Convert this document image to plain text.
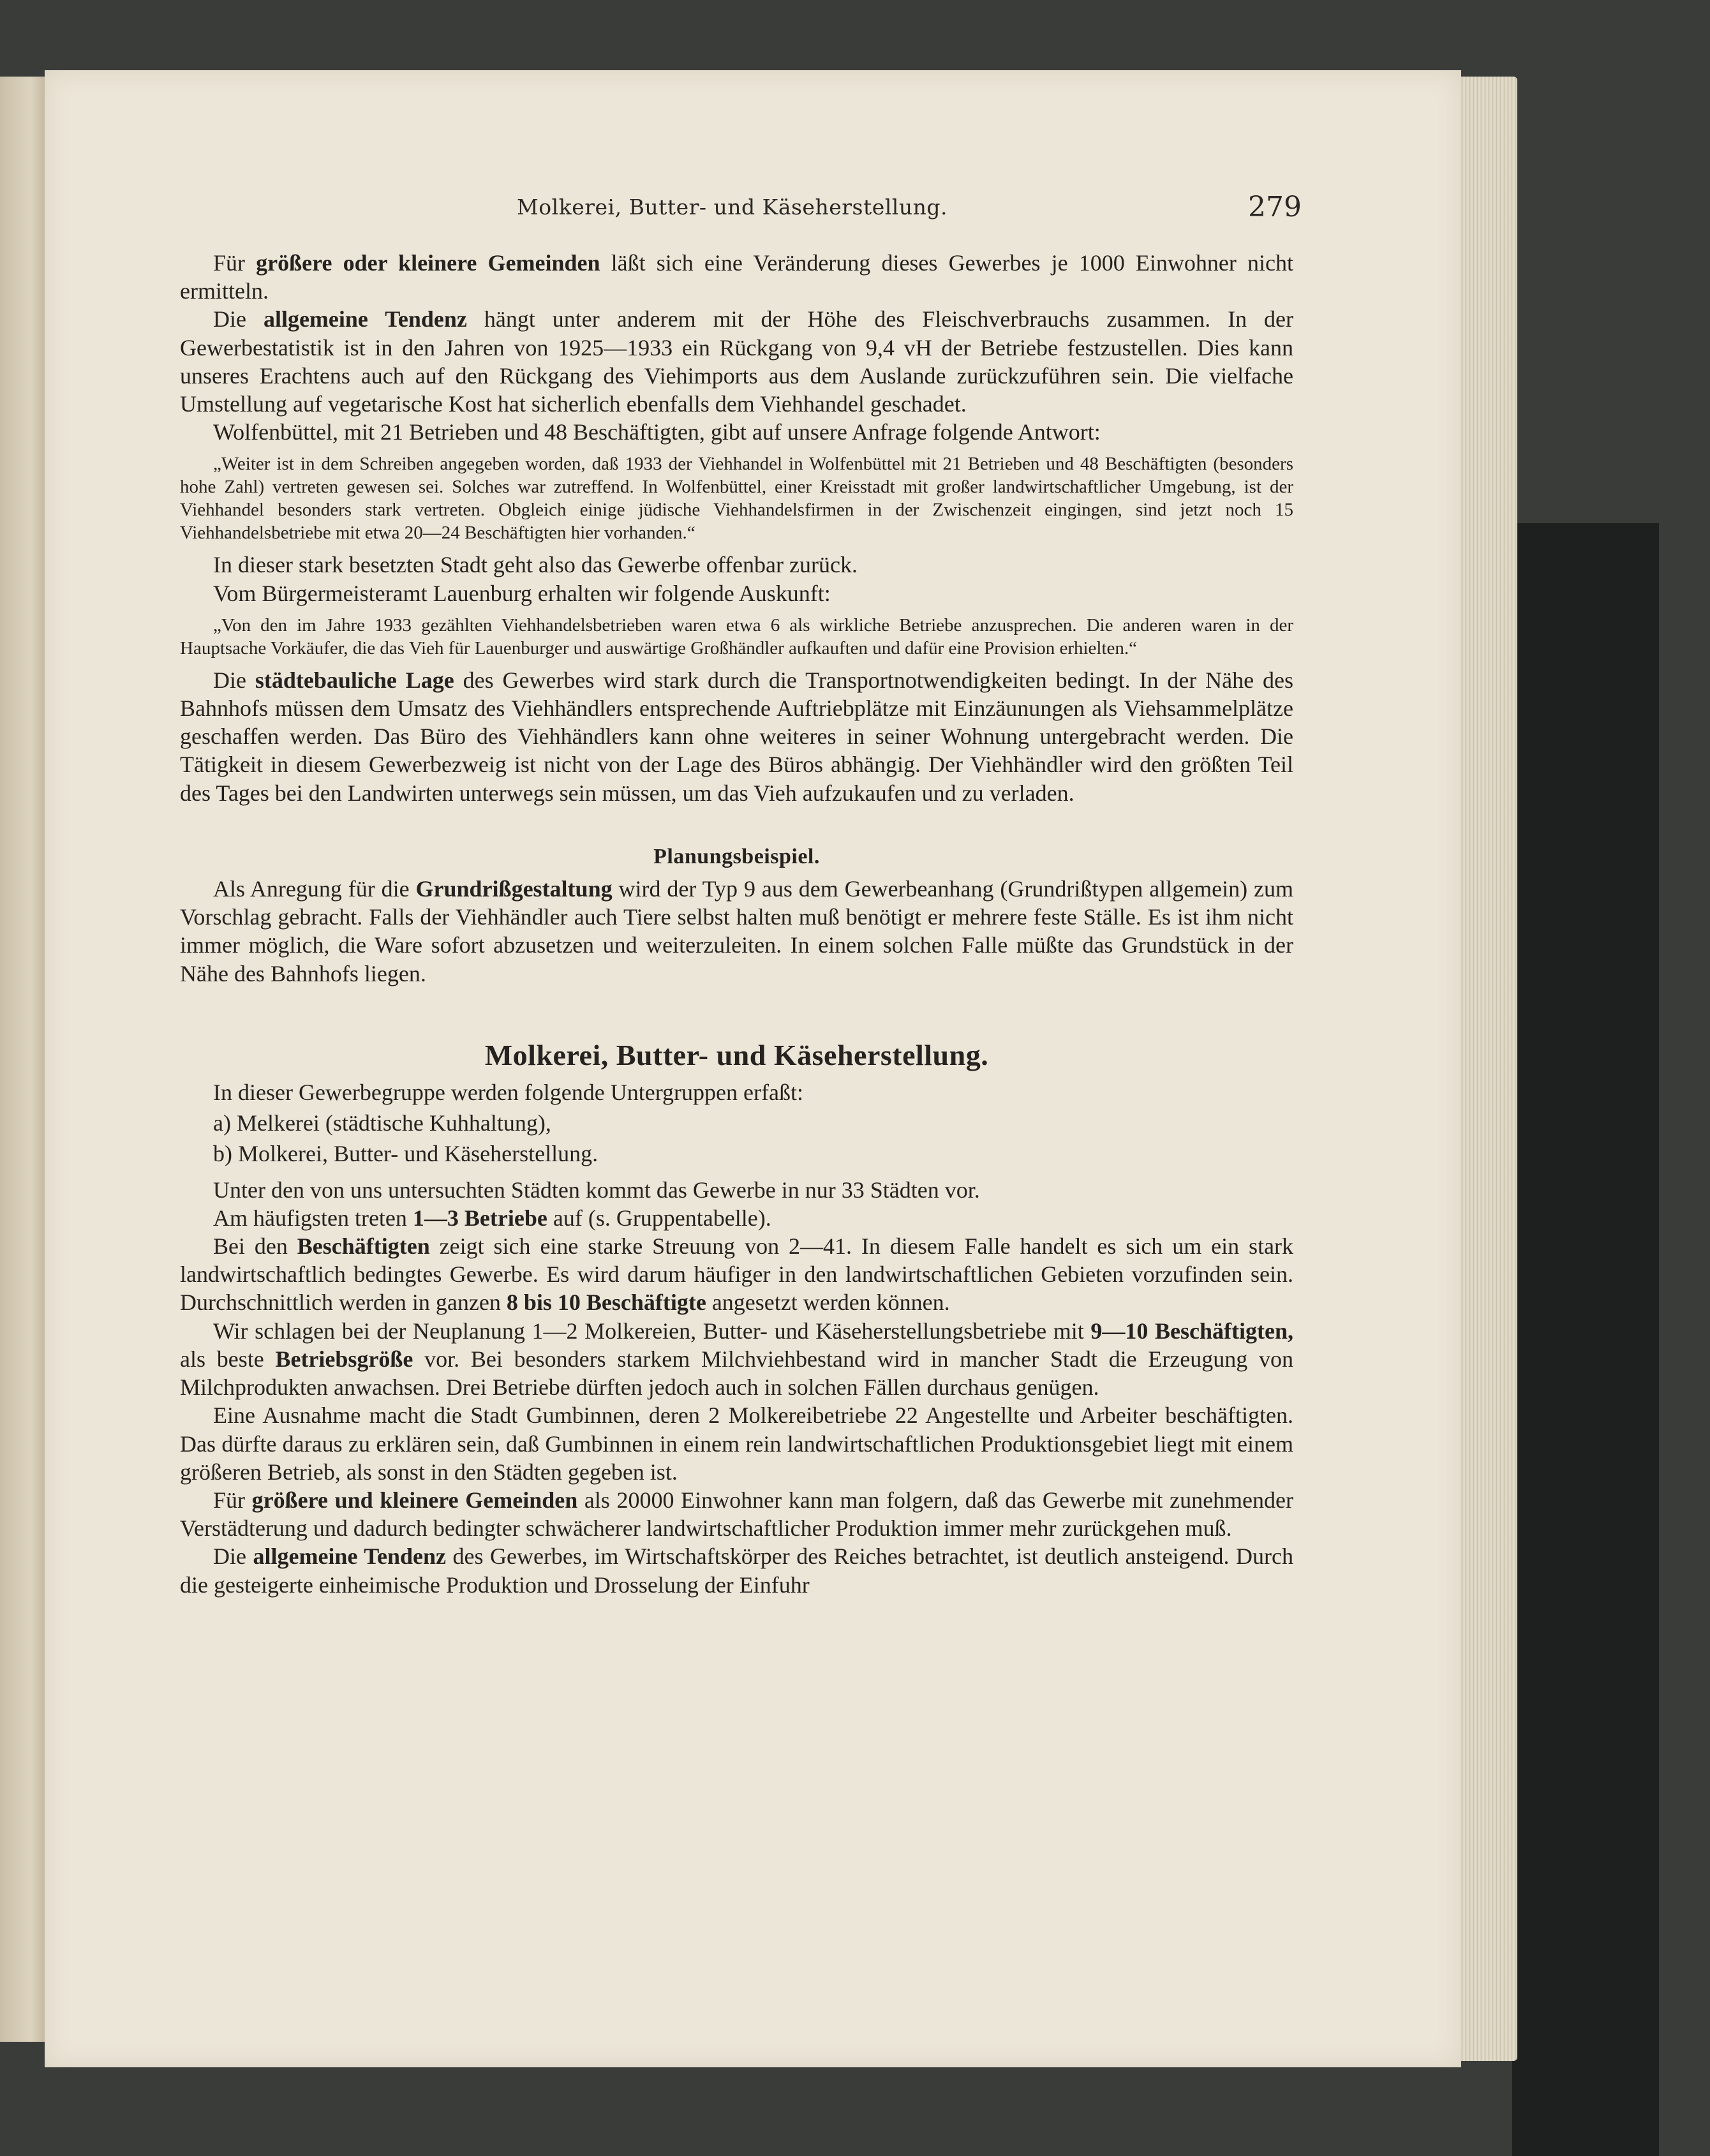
Molkerei, Butter- und Käseherstellung.	279

Für größere oder kleinere Gemeinden läßt sich eine Veränderung dieses Gewerbes je 1000 Einwohner nicht ermitteln.

Die allgemeine Tendenz hängt unter anderem mit der Höhe des Fleischverbrauchs zusammen. In der Gewerbestatistik ist in den Jahren von 1925—1933 ein Rückgang von 9,4 vH der Betriebe festzustellen. Dies kann unseres Erachtens auch auf den Rückgang des Viehimports aus dem Auslande zurückzuführen sein. Die vielfache Umstellung auf vegetarische Kost hat sicherlich ebenfalls dem Viehhandel geschadet.

Wolfenbüttel, mit 21 Betrieben und 48 Beschäftigten, gibt auf unsere Anfrage folgende Antwort:

„Weiter ist in dem Schreiben angegeben worden, daß 1933 der Viehhandel in Wolfenbüttel mit 21 Betrieben und 48 Beschäftigten (besonders hohe Zahl) vertreten gewesen sei. Solches war zutreffend. In Wolfenbüttel, einer Kreisstadt mit großer landwirtschaftlicher Umgebung, ist der Viehhandel besonders stark vertreten. Obgleich einige jüdische Viehhandelsfirmen in der Zwischenzeit eingingen, sind jetzt noch 15 Viehhandelsbetriebe mit etwa 20—24 Beschäftigten hier vorhanden.“

In dieser stark besetzten Stadt geht also das Gewerbe offenbar zurück.

Vom Bürgermeisteramt Lauenburg erhalten wir folgende Auskunft:

„Von den im Jahre 1933 gezählten Viehhandelsbetrieben waren etwa 6 als wirkliche Betriebe anzusprechen. Die anderen waren in der Hauptsache Vorkäufer, die das Vieh für Lauenburger und auswärtige Großhändler aufkauften und dafür eine Provision erhielten.“

Die städtebauliche Lage des Gewerbes wird stark durch die Transportnotwendigkeiten bedingt. In der Nähe des Bahnhofs müssen dem Umsatz des Viehhändlers entsprechende Auftriebplätze mit Einzäunungen als Viehsammelplätze geschaffen werden. Das Büro des Viehhändlers kann ohne weiteres in seiner Wohnung untergebracht werden. Die Tätigkeit in diesem Gewerbezweig ist nicht von der Lage des Büros abhängig. Der Viehhändler wird den größten Teil des Tages bei den Landwirten unterwegs sein müssen, um das Vieh aufzukaufen und zu verladen.

Planungsbeispiel.

Als Anregung für die Grundrißgestaltung wird der Typ 9 aus dem Gewerbeanhang (Grundrißtypen allgemein) zum Vorschlag gebracht. Falls der Viehhändler auch Tiere selbst halten muß benötigt er mehrere feste Ställe. Es ist ihm nicht immer möglich, die Ware sofort abzusetzen und weiterzuleiten. In einem solchen Falle müßte das Grundstück in der Nähe des Bahnhofs liegen.

Molkerei, Butter- und Käseherstellung.

In dieser Gewerbegruppe werden folgende Untergruppen erfaßt:

a) Melkerei (städtische Kuhhaltung),
b) Molkerei, Butter- und Käseherstellung.

Unter den von uns untersuchten Städten kommt das Gewerbe in nur 33 Städten vor.

Am häufigsten treten 1—3 Betriebe auf (s. Gruppentabelle).

Bei den Beschäftigten zeigt sich eine starke Streuung von 2—41. In diesem Falle handelt es sich um ein stark landwirtschaftlich bedingtes Gewerbe. Es wird darum häufiger in den landwirtschaftlichen Gebieten vorzufinden sein. Durchschnittlich werden in ganzen 8 bis 10 Beschäftigte angesetzt werden können.

Wir schlagen bei der Neuplanung 1—2 Molkereien, Butter- und Käseherstellungsbetriebe mit 9—10 Beschäftigten, als beste Betriebsgröße vor. Bei besonders starkem Milchviehbestand wird in mancher Stadt die Erzeugung von Milchprodukten anwachsen. Drei Betriebe dürften jedoch auch in solchen Fällen durchaus genügen.

Eine Ausnahme macht die Stadt Gumbinnen, deren 2 Molkereibetriebe 22 Angestellte und Arbeiter beschäftigten. Das dürfte daraus zu erklären sein, daß Gumbinnen in einem rein landwirtschaftlichen Produktionsgebiet liegt mit einem größeren Betrieb, als sonst in den Städten gegeben ist.

Für größere und kleinere Gemeinden als 20000 Einwohner kann man folgern, daß das Gewerbe mit zunehmender Verstädterung und dadurch bedingter schwächerer landwirtschaftlicher Produktion immer mehr zurückgehen muß.

Die allgemeine Tendenz des Gewerbes, im Wirtschaftskörper des Reiches betrachtet, ist deutlich ansteigend. Durch die gesteigerte einheimische Produktion und Drosselung der Einfuhr
